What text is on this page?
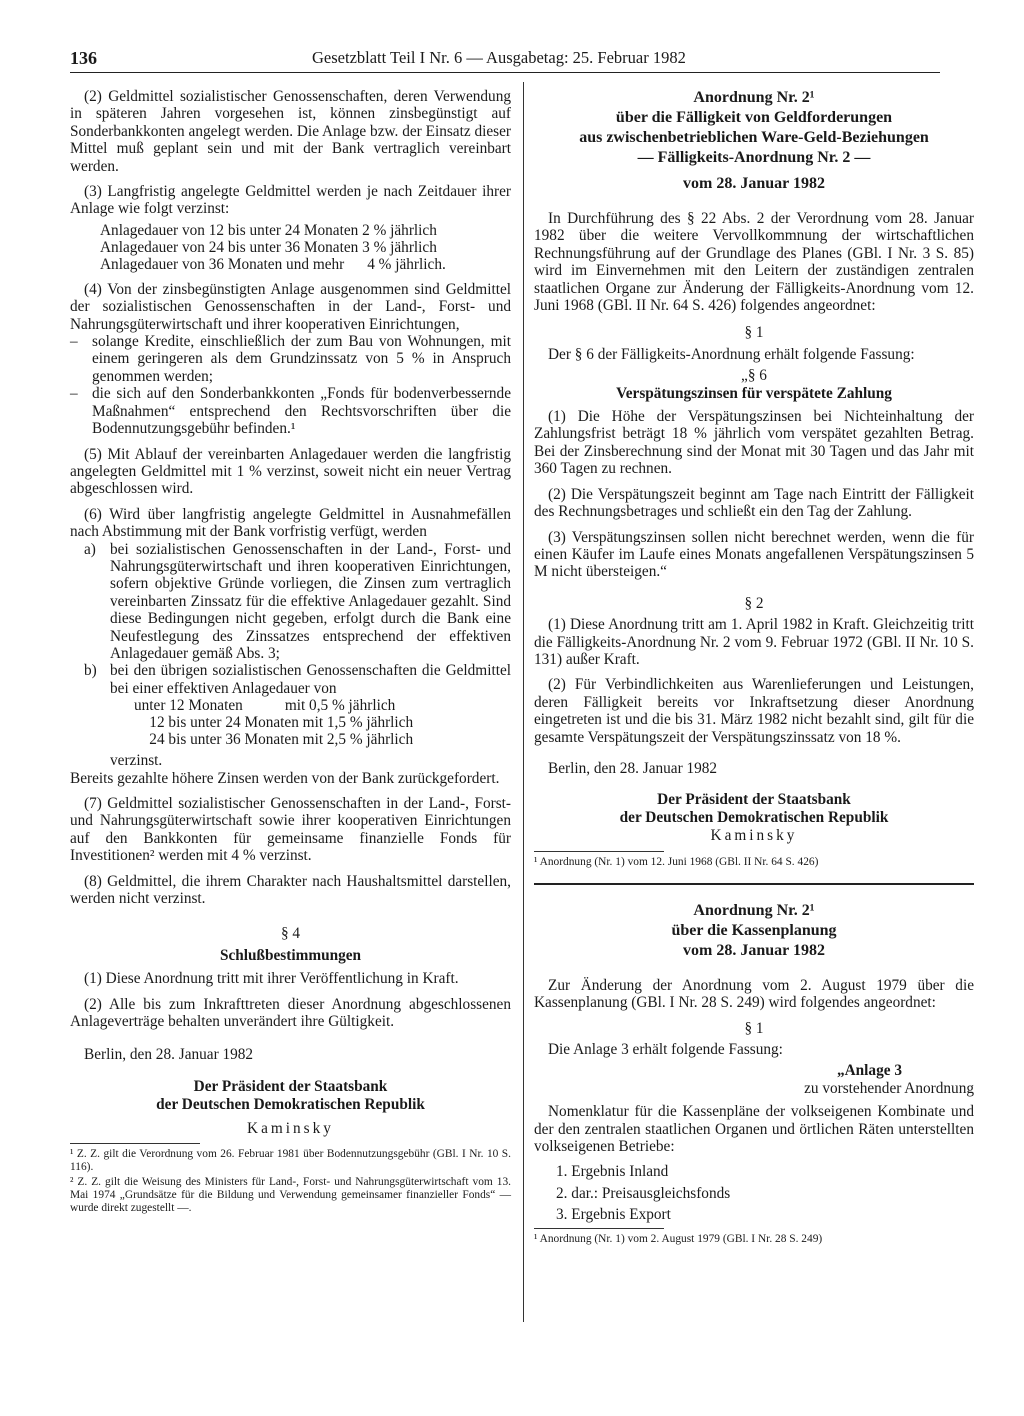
136	Gesetzblatt Teil I Nr. 6 — Ausgabetag: 25. Februar 1982

(2) Geldmittel sozialistischer Genossenschaften, deren Verwendung in späteren Jahren vorgesehen ist, können zinsbegünstigt auf Sonderbankkonten angelegt werden. Die Anlage bzw. der Einsatz dieser Mittel muß geplant sein und mit der Bank vertraglich vereinbart werden.

(3) Langfristig angelegte Geldmittel werden je nach Zeitdauer ihrer Anlage wie folgt verzinst:

Anlagedauer von 12 bis unter 24 Monaten 2 % jährlich
Anlagedauer von 24 bis unter 36 Monaten 3 % jährlich
Anlagedauer von 36 Monaten und mehr      4 % jährlich.

(4) Von der zinsbegünstigten Anlage ausgenommen sind Geldmittel der sozialistischen Genossenschaften in der Land-, Forst- und Nahrungsgüterwirtschaft und ihrer kooperativen Einrichtungen,

– solange Kredite, einschließlich der zum Bau von Wohnungen, mit einem geringeren als dem Grundzinssatz von 5 % in Anspruch genommen werden;
– die sich auf den Sonderbankkonten „Fonds für bodenverbessernde Maßnahmen“ entsprechend den Rechtsvorschriften über die Bodennutzungsgebühr befinden.¹

(5) Mit Ablauf der vereinbarten Anlagedauer werden die langfristig angelegten Geldmittel mit 1 % verzinst, soweit nicht ein neuer Vertrag abgeschlossen wird.

(6) Wird über langfristig angelegte Geldmittel in Ausnahmefällen nach Abstimmung mit der Bank vorfristig verfügt, werden

a) bei sozialistischen Genossenschaften in der Land-, Forst- und Nahrungsgüterwirtschaft und ihren kooperativen Einrichtungen, sofern objektive Gründe vorliegen, die Zinsen zum vertraglich vereinbarten Zinssatz für die effektive Anlagedauer gezahlt. Sind diese Bedingungen nicht gegeben, erfolgt durch die Bank eine Neufestlegung des Zinssatzes entsprechend der effektiven Anlagedauer gemäß Abs. 3;
b) bei den übrigen sozialistischen Genossenschaften die Geldmittel bei einer effektiven Anlagedauer von
unter 12 Monaten           mit 0,5 % jährlich
12 bis unter 24 Monaten mit 1,5 % jährlich
24 bis unter 36 Monaten mit 2,5 % jährlich

verzinst.

Bereits gezahlte höhere Zinsen werden von der Bank zurückgefordert.

(7) Geldmittel sozialistischer Genossenschaften in der Land-, Forst- und Nahrungsgüterwirtschaft sowie ihrer kooperativen Einrichtungen auf den Bankkonten für gemeinsame finanzielle Fonds für Investitionen² werden mit 4 % verzinst.

(8) Geldmittel, die ihrem Charakter nach Haushaltsmittel darstellen, werden nicht verzinst.

§ 4

Schlußbestimmungen

(1) Diese Anordnung tritt mit ihrer Veröffentlichung in Kraft.

(2) Alle bis zum Inkrafttreten dieser Anordnung abgeschlossenen Anlageverträge behalten unverändert ihre Gültigkeit.

Berlin, den 28. Januar 1982

Der Präsident der Staatsbank

der Deutschen Demokratischen Republik

Kaminsky

¹ Z. Z. gilt die Verordnung vom 26. Februar 1981 über Bodennutzungsgebühr (GBl. I Nr. 10 S. 116).

² Z. Z. gilt die Weisung des Ministers für Land-, Forst- und Nahrungsgüterwirtschaft vom 13. Mai 1974 „Grundsätze für die Bildung und Verwendung gemeinsamer finanzieller Fonds“ — wurde direkt zugestellt —.

Anordnung Nr. 2¹

über die Fälligkeit von Geldforderungen

aus zwischenbetrieblichen Ware-Geld-Beziehungen

— Fälligkeits-Anordnung Nr. 2 —

vom 28. Januar 1982

In Durchführung des § 22 Abs. 2 der Verordnung vom 28. Januar 1982 über die weitere Vervollkommnung der wirtschaftlichen Rechnungsführung auf der Grundlage des Planes (GBl. I Nr. 3 S. 85) wird im Einvernehmen mit den Leitern der zuständigen zentralen staatlichen Organe zur Änderung der Fälligkeits-Anordnung vom 12. Juni 1968 (GBl. II Nr. 64 S. 426) folgendes angeordnet:

§ 1

Der § 6 der Fälligkeits-Anordnung erhält folgende Fassung:

„§ 6

Verspätungszinsen für verspätete Zahlung

(1) Die Höhe der Verspätungszinsen bei Nichteinhaltung der Zahlungsfrist beträgt 18 % jährlich vom verspätet gezahlten Betrag. Bei der Zinsberechnung sind der Monat mit 30 Tagen und das Jahr mit 360 Tagen zu rechnen.

(2) Die Verspätungszeit beginnt am Tage nach Eintritt der Fälligkeit des Rechnungsbetrages und schließt ein den Tag der Zahlung.

(3) Verspätungszinsen sollen nicht berechnet werden, wenn die für einen Käufer im Laufe eines Monats angefallenen Verspätungszinsen 5 M nicht übersteigen.“

§ 2

(1) Diese Anordnung tritt am 1. April 1982 in Kraft. Gleichzeitig tritt die Fälligkeits-Anordnung Nr. 2 vom 9. Februar 1972 (GBl. II Nr. 10 S. 131) außer Kraft.

(2) Für Verbindlichkeiten aus Warenlieferungen und Leistungen, deren Fälligkeit bereits vor Inkraftsetzung dieser Anordnung eingetreten ist und die bis 31. März 1982 nicht bezahlt sind, gilt für die gesamte Verspätungszeit der Verspätungszinssatz von 18 %.

Berlin, den 28. Januar 1982

Der Präsident der Staatsbank

der Deutschen Demokratischen Republik

Kaminsky

¹ Anordnung (Nr. 1) vom 12. Juni 1968 (GBl. II Nr. 64 S. 426)

Anordnung Nr. 2¹

über die Kassenplanung

vom 28. Januar 1982

Zur Änderung der Anordnung vom 2. August 1979 über die Kassenplanung (GBl. I Nr. 28 S. 249) wird folgendes angeordnet:

§ 1

Die Anlage 3 erhält folgende Fassung:

„Anlage 3

zu vorstehender Anordnung

Nomenklatur für die Kassenpläne der volkseigenen Kombinate und der den zentralen staatlichen Organen und örtlichen Räten unterstellten volkseigenen Betriebe:

1. Ergebnis Inland
2. dar.: Preisausgleichsfonds
3. Ergebnis Export

¹ Anordnung (Nr. 1) vom 2. August 1979 (GBl. I Nr. 28 S. 249)
